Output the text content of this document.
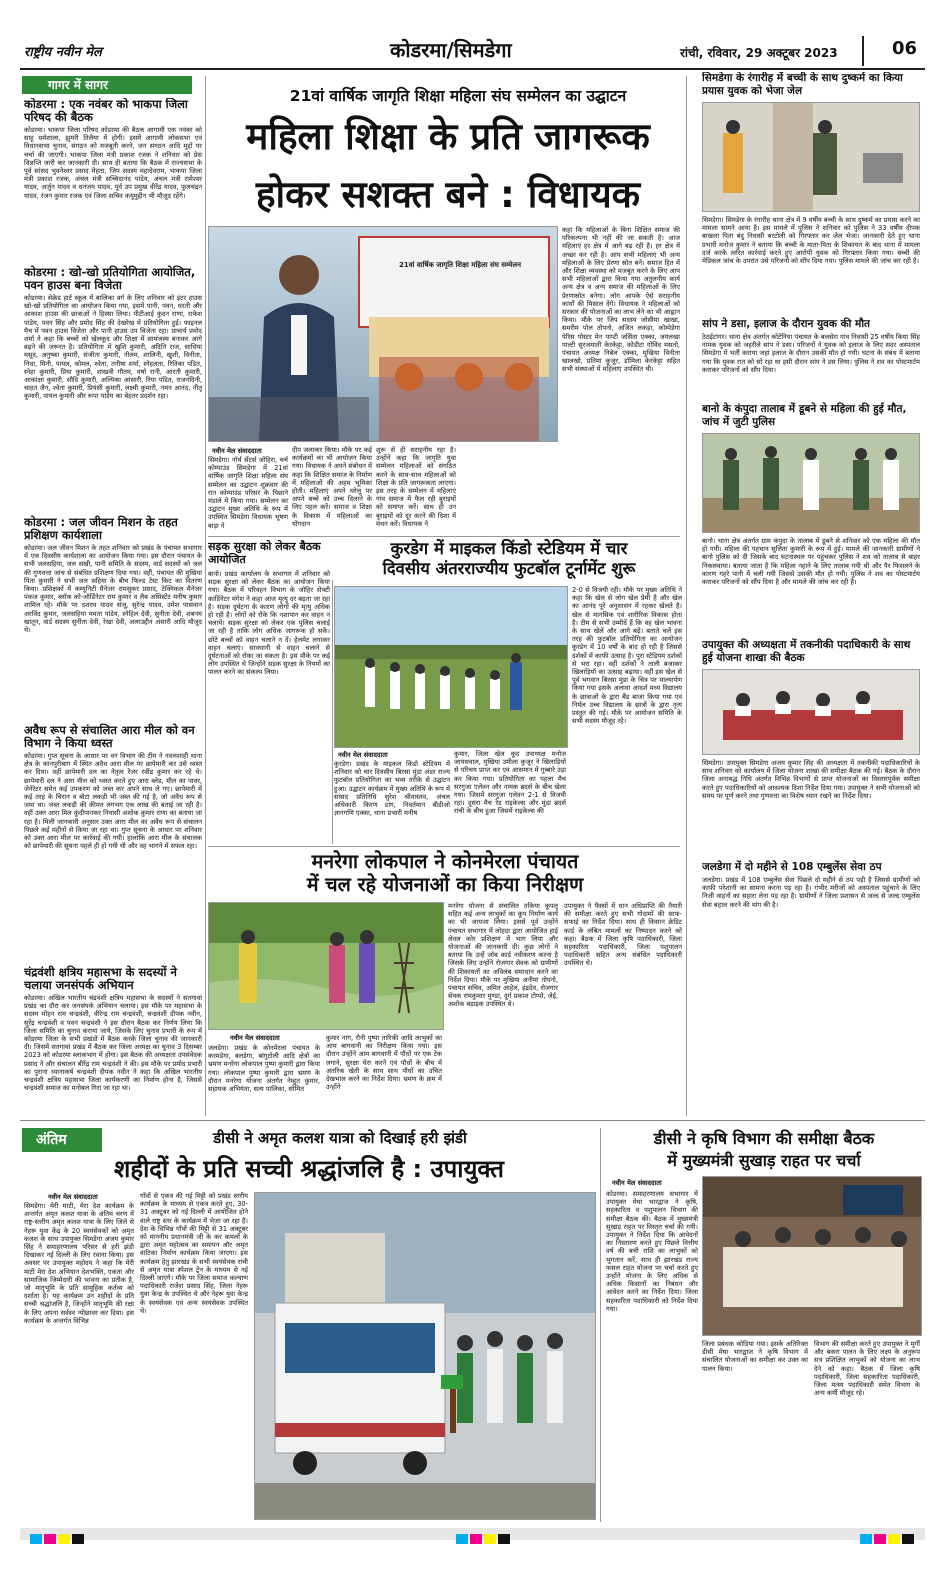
राष्ट्रीय नवीन मेल	कोडरमा/सिमडेगा	रांची, रविवार, 29 अक्टूबर 2023	06
गागर में सागर
कोडरमा : एक नवंबर को भाकपा जिला परिषद की बैठक
कोडरमा। भाकपा जिला परिषद कोडरमा की बैठक आगामी एक नवंबर को साहू धर्मशाला, झुमरी तिलैया में होगी। इसमें आगामी लोकसभा एवं विधानसभा चुनाव, संगठन को मजबूती करने, जन संगठन आदि मुद्दों पर चर्चा की जाएगी। भाकपा जिला मंत्री प्रकाश रजक ने शनिवार को प्रेस विज्ञप्ति जारी कर जानकारी दी। साथ ही बताया कि बैठक में राज्यसभा के पूर्व सांसद भुवनेश्वर प्रसाद मेहता, जिप सदस्य महादेवराम, भाकपा जिला मंत्री प्रकाश रजक, अंचल मंत्री सच्चिदानंद पांडेय, अंचल मंत्री रामेश्वर यादव, अर्जुन यादव व धनंजय यादव, पूर्व उप प्रमुख वीरेंद्र यादव, फुलचंद्रन यादव, रंजन कुमार रजक एवं जिला सचिव कयूमुद्दीन भी मौजूद रहेंगे।
कोडरमा : खो-खो प्रतियोगिता आयोजित, पवन हाउस बना विजेता
कोडरमा। सेक्रेड हार्ट स्कूल में बालिका वर्ग के लिए शनिवार को इंटर हाउस खो-खो प्रतियोगिता का आयोजन किया गया, इसमें पानी, पवन, धरती और आकाश हाउस की छात्राओं ने हिस्सा लिया। पीटीआई कुंदन राणा, राकेश पांडेय, पवन सिंह और प्रमोद सिंह की देखरेख में प्रतियोगिता हुई। फाइनल मैच में पवन हाउस विजेता और पानी हाउस उप विजेता रहा। प्राचार्य प्रमोद शर्मा ने कहा कि बच्चों को खेलकूद और शिक्षा में सामंजस्य बनाकर आगे बढ़ने की जरूरत है। प्रतियोगिता में खुशि कुमारी, अदिति राज, साधिया मसूद, अनुष्का कुमारी, संजीता कुमारी, नीलम, शालिनी, खुशी, विनीता, निधा, मिनी, पायल, कोमल, श्वेता, तनीषा शर्मा, स्नेहलता, रितिका पंडित, स्नेहा कुमारी, प्रिया कुमारी, शाखवी गौतम, वर्षा रानी, आरती कुमारी, आकांक्षा कुमारी, सौदि कुमारी, अल्पिका आंसारी, रिया पंडित, राजनंदिनी, चाहत जैन, श्वेता कुमारी, प्रियंसी कुमारी, लक्ष्मी कुमारी, नमन आनंद, नीतू कुमारी, पायल कुमारी और रूपा पांडेय का बेहतर प्रदर्शन रहा।
कोडरमा : जल जीवन मिशन के तहत प्रशिक्षण कार्यशाला
कोडरमा। जल जीवन मिशन के तहत शनिवार को प्रखंड के पंचायत सभागार में एक दिवसीय कार्यशाला का आयोजन किया गया। इस दौरान पंचायत के सभी जलसहिया, जल सखी, पानी समिति के सदस्य, वार्ड सदस्यों को जल की गुणवत्ता जांच से संबंधित प्रशिक्षण दिया गया। वहीं, पंचायत की मुखिया पिंता कुमारी ने सभी जल सहिया के बीच फिल्ड टेस्ट किट का वितरण किया। प्रशिक्षकों में कम्यूनिटी मैनेजर रामसुकर प्रसाद, टेक्निकल मैनेजर पंकज कुमार, ब्लॉक को-ऑर्डिनेटर राम कुमार व लैब असिस्टेंट मनीष कुमार शामिल रहे। मौके पर दशरथ यादव संजू, सुरेन्द्र यादव, उमेश पासवान अरविंद कुमार, जलसहिया ममता पांडेय, स्नेहिल देवी, सुनीता देवी, शबनम खातून, वार्ड सदस्य सुनीता देवी, रेखा देवी, अलाउद्दीन अंसारी आदि मौजूद थे।
अवैध रूप से संचालित आरा मील को वन विभाग ने किया ध्वस्त
कोडरमा। गुप्त सूचना के आधार पर वन विभाग की टीम ने नवलशाही थाना क्षेत्र के कानपुरीबाग में स्थित अवैध आरा मील पर छापेमारी कर उसे ध्वस्त कर दिया। वहीं छापेमारी दल का नेतृत्व रेंजर रवींद्र कुमार कर रहे थे। छापेमारी दल ने आरा मील को ध्वस्त करते हुए आरा ब्लेड, मील का पावर, जेनेरेटर समेत कई उपकरण को जब्त कर अपने साथ ले गए। छापेमारी में कई तरह के चिरान व बोटा लकड़ी भी जब्त की गई है, जो अवैध रूप से जमा था। जब्त लकड़ी की कीमत लगभग एक लाख की बताई जा रही है। वहीं उक्त आरा मिल कुंदीपानकर निवासी अशोक कुमार राणा का बताया जा रहा है। मिली जानकारी अनुसार उक्त आरा मील का अवैध रूप से संचालन पिछले कई महीनों से किया जा रहा था। गुप्त सूचना के आधार पर शनिवार को उक्त आरा मील पर कार्रवाई की गयी। हालांकि आरा मील के संचालक को छापेमारी की सूचना पहले ही हो गयी थी और वह भागने में सफल रहा।
चंद्रवंशी क्षत्रिय महासभा के सदस्यों ने चलाया जनसंपर्क अभियान
कोडरमा। अखिल भारतीय चंद्रवंशी क्षत्रिय महासभा के सदस्यों ने सतगावां प्रखंड का दौरा कर जनसंपर्क अभियान चलाया। इस मौके पर महासभा के सदस्य मोहन राम चन्द्रवंशी, वीरेन्द्र राम चन्द्रवंशी, चन्द्रवंशी दीपक नवीन, सुरेंद्र चन्द्रवंशी व पवन चन्द्रवंशी ने इस दौरान बैठक कर निर्णय लिया कि जिला समिति का चुनाव कराया जाये, जिसके लिए चुनाव प्रभारी के रूप में कोडरमा जिला के सभी प्रखंडों में बैठक करके जिला चुनाव की जानकारी दी। जिसमें सतगावां प्रखंड में बैठक कर जिला अध्यक्ष का चुनाव 3 दिसम्बर 2023 को कोडरमा ब्लाकभाग में होगा। इस बैठक की अध्यक्षता उपसंवेदक प्रसाद ने और संचालन बीरेंद्र राम चन्द्रवंशी ने की। इस मौके पर प्रमोद प्रभारी का पुराना ध्यानाकर्ष चन्द्रवंशी दीपक नवीन ने कहा कि अखिल भारतीय चन्द्रवंशी क्षत्रिय महासभा जिला कार्यकरणी का निर्माण होना है, जिससे चन्द्रवंशी समाज का मनोबल गिरा जा रहा था।
21वां वार्षिक जागृति शिक्षा महिला संघ सम्मेलन का उद्घाटन
महिला शिक्षा के प्रति जागरूक
होकर सशक्त बने : विधायक
21वां वार्षिक जागृति शिक्षा महिला संघ सम्मेलन
नवीन मेल संवाददाता
सिमडेगा। नॉर्थ सेंटर्स जोहिरा, चर्च कोम्पाउंड सिमडेगा में 21वां वार्षिक जागृति शिक्षा महिला संघ सम्मेलन का उद्घाटन शुक्रवार की रात कोम्पाउंड परिसर के पिछाने मंडाले में किया गया। सम्मेलन का उद्घाटन मुख्य अतिथि के रूप में उपस्थित सिमडेगा विधायक भूषण बाड़ा ने
दीप जलाकर किया। मौके पर कई कार्यक्रमों का भी आयोजन किया गया। विधायक ने अपने संबोधन में कहा कि शिक्षित समाज के निर्माण में महिलाओं की अहम भूमिका होती। महिलाएं अपने घरेलू पर अपने बच्चे को उच्च दिलाने के लिए पहल करें। समाज व शिक्षा के विकास में महिलाओं का योगदान
शुरू से ही सराहनीय रहा है। उन्होंने कहा कि जागृति युवा सम्मेलन महिलाओं को संगठित करने के साथ-साथ महिलाओं को शिक्षा के प्रति जागरूकता लाएगा। इस तरह के सम्मेलन में महिलाएं गांव समाज में फैल रही बुराइयों को समाप्त करें। साथ ही उन बुराइयों को दूर करने की दिशा में मंथन करें। विधायक ने
कहा कि महिलाओं के बिना शिक्षित समाज की परिकल्पना भी नहीं की जा सकती है। आज महिलाएं हर क्षेत्र में आगे बढ़ रही है। हर क्षेत्र में अच्छा कर रही है। आप सभी महिलाएं भी अन्य महिलाओं के लिए प्रेरणा स्रोत बनें। समाज हित में और शिक्षा व्यवस्था को मजबूत करने के लिए आप सभी महिलाओं द्वारा किया गया अतुलनीय कार्य अन्य क्षेत्र व अन्य समाज की महिलाओं के लिए प्रेरणास्रोत बनेगा। लोग आपके ऐसे सराहनीय कार्यों की मिसाल देंगे। विधायक ने महिलाओं को सरकार की योजनाओं का लाभ लेने का भी आह्वान किया। मौके पर जिप सदस्य जोसीमा खाखा, समरीम पोल तोपनो, अजित लकड़ा, कोम्पेडेगा पेरिस पोस्टर मेन पाप्टी जसिंता एक्का, जयलखा पाल्टी सुरजमाती केरकेट्टा, कोडीटा गोविंद मसतो, पंचायत अध्यक्ष निबेल एक्का, मुखिया विनीता खालखो, प्रतिमा कुजूर, डॉमिला केरकेट्टा सहित सभी संस्थाओं में महिलाएं उपस्थित थी।
कुरडेग में माइकल किंडो स्टेडियम में चार
दिवसीय अंतरराज्यीय फुटबॉल टूर्नामेंट शुरू
सड़क सुरक्षा को लेकर बैठक आयोजित
बानो। प्रखंड कार्यालय के सभागार में शनिवार को सड़क सुरक्षा को लेकर बैठक का आयोजन किया गया। बैठक में परिवहन विभाग के जोहिर सेफ्टी कार्डिनेटर मंगेश ने कहा आज मृत्यु दर बढ़ता जा रहा है। सड़क दुर्घटना के कारण लोगों की मृत्यु अधिक हो रही है। लोगों को रोके कि नशापान कर वाहन न चलायें। सड़क सुरक्षा को लेकर एक पुलिस चलाई जा रही है ताकि लोग अधिक जागरूक हो सकें। छोटे बच्चों को वाहन चलाने न दें। हेलमेट लगाकर वाहन चलाएं। सावधानी से वाहन चलाने से दुर्घटनाओं को रोका जा सकता है। इस मौके पर कई लोग उपस्थित थे जिन्होंने सड़क सुरक्षा के नियमों का पालन करने का संकल्प लिया।
नवीन मेल संवाददाता
कुरडेग। प्रखंड के माइकल किंडो स्टेडियम में शनिवार को चार दिवसीय बिरसा मुंडा अंडर राज्य फुटबॉल प्रतियोगिता का भव्य तरीके से उद्घाटन हुआ। उद्घाटन कार्यक्रम में मुख्य अतिथि के रूप में सांसद प्रतिनिधि सुरेश श्रीवास्तव, अंचल अधिकारी किरण डांग, निवर्तमान बीडीओ ज्ञानगणि एक्का, थाना प्रभारी मनीष
कुमार, जिला खेल कूद उपाध्यक्ष मनोज जायसवाल, मुखिया उमीला कुजूर ने खिलाड़ियों से परिचय प्राप्त कर एवं आसमान में गुब्बारे उड़ा कर किया गया। प्रतियोगिता का पहला मैच सरगुजा एलेवन और नायक ब्रदर्स के बीच खेला गया। जिसमें सरगुजा एलेवन 2-1 से विजयी रहा। दूसरा मैच रेड राइकेल्स और मुंडा ब्रदर्स रांची के बीच हुआ जिसमें राइकेल्स की
2-0 से विजयी रही। मौके पर मुख्य अतिथि ने कहा कि खेल से लोग खेल प्रेमी है और खेल का आनंद पूरे अनुशासन में रहकर खेलते है। खेल से मानसिक एवं शारीरिक विकास होता है। टीम से सभी उम्मीदें हैं कि वह खेल भावना के साथ खेलें और आगे बढ़ें। बताते चलें इस तरह की फुटबॉल प्रतियोगिता का आयोजन कुरडेग में 10 वर्षों के बाद हो रही है जिससे दर्शकों में काफी उत्साह है। पुरा स्टेडियम दर्शकों से भरा रहा। वहीं दर्शकों ने ताली बजाकर खिलाड़ियों का उत्साह बढ़ाया। वहीं इस खेल से पूर्व भगवान बिरसा मुंडा के चित्र पर माल्यार्पण किया गया इसके अलावा आदर्श मध्य विद्यालय के छात्राओं के द्वारा बैंड बाजा किया गया एवं निर्मल उच्च विद्यालय के छात्रों के द्वारा नृत्य प्रस्तुत की गई। मौके पर आयोजन समिति के सभी सदस्य मौजूद रहे।
मनरेगा लोकपाल ने कोनमेरला पंचायत
में चल रहे योजनाओं का किया निरीक्षण
नवीन मेल संवाददाता
जलडेगा। प्रखंड के कोनमेरला पंचायत के करमडेगा, बलडेगा, बांगुटोली आदि क्षेत्रों का भ्रमण मनरेगा लोकपाल पुष्पा कुमारी द्वारा किया गया। लोकपाल पुष्पा कुमारी द्वारा भ्रमण के दौरान मनरेगा योजना अंतर्गत नेम्हुत कुमार, सहायक अभियंता, सत्य पालिका, सोमित
कुमार नाग, रौनी पुष्पा तारिकी आदि लाभुकों का आम बागवानी का निरीक्षण किया गया। इस दौरान उन्होंने आम बागवानी में पौधों पर एक टेक लगाने, सुरक्षा घेरा करने एवं पौधों के बीच में अंतरिक खेती के साथ साथ पौधों का उचित देखभाल करने का निर्देश दिया। भ्रमण के क्रम में उन्होंने
मनरेगा योजना से संचालित तकिया कूपलू सहित कई अन्य लाभुकों का कूप निर्माण कार्य का भी जायजा लिया। इससे पूर्व उन्होंने पंचायत सभागार में लोहदा द्वारा आयोजित हाई लेवल कोर प्रशिक्षण में भाग लिया और योजनाओं की जानकारी दी। कुछ लोगों ने बताया कि उन्हें जॉब कार्ड नवीकरण करना है जिसके लिए उन्होंने रोजगार सेवक को ग्रामीणों की शिकायतों का अविलंब समाधान करने का निर्देश दिया। मौके पर मुखिया अनीमा तोपनो, पंचायत सचिव, अमित आहेल, इंद्रदेव, रोजगार सेवक रामकुमार मुण्डा, दुर्ग प्रकाश टोप्पो, जेई, अशोक बड़ाइक उपस्थित थे।
उपायुक्त ने पैक्सों में धान अधिप्राप्ति की तैयारी की समीक्षा करते हुए सभी गोदामों की साफ-सफाई का निर्देश दिया। साथ ही किसान क्रेडिट कार्ड के लंबित मामलों का निष्पादन करने को कहा। बैठक में जिला कृषि पदाधिकारी, जिला सहकारिता पदाधिकारी, जिला पशुपालन पदाधिकारी सहित अन्य संबंधित पदाधिकारी उपस्थित थे।
सिमडेगा के रंगारीह में बच्ची के साथ दुष्कर्म का किया प्रयास युवक को भेजा जेल
सिमडेगा। सिमडेगा के रंगारीह थाना क्षेत्र में 9 वर्षीय बच्ची के साथ दुष्कर्म का प्रयास करने का मामला सामने आया है। इस मामले में पुलिस ने शनिवार को पुलिस ने 33 वर्षीय दीपक बाखला पिता बंदु निवासी बरटोली को गिरफ्तार कर जेल भेजा। जानकारी देते हुए थाना प्रभारी मनोज कुमार ने बताया कि बच्ची के माता-पिता के शिकायत के बाद थाना में मामला दर्ज करके त्वरित कार्रवाई करते हुए आरोपी युवक को गिरफ्तार किया गया। बच्ची की मेडिकल जांच के उपरांत उसे परिजनों को सौंप दिया गया। पुलिस मामले की जांच कर रही है।
सांप ने डसा, इलाज के दौरान युवक की मौत
ठेठईटांगर। थाना क्षेत्र अंतर्गत कोटेनिया पंचायत के बलसेरा गांव निवासी 25 वर्षीय किया सिंह नामक युवक को जहरीले सांप ने डसा। परिजनों ने युवक को इलाज के लिए सदर अस्पताल सिमडेगा में भर्ती कराया जहां इलाज के दौरान उसकी मौत हो गयी। घटना के संबंध में बताया गया कि युवक रात को सो रहा था इसी दौरान सांप ने डस लिया। पुलिस ने शव का पोस्टमार्टम कराकर परिजनों को सौंप दिया।
बानो के कंपुदा तालाब में डूबने से महिला की हुई मौत, जांच में जुटी पुलिस
बानो। थाना क्षेत्र अंतर्गत ग्राम कंपुदा के तालाब में डूबने से शनिवार को एक महिला की मौत हो गयी। महिला की पहचान सुलिता कुमारी के रूप में हुई। मामले की जानकारी ग्रामीणों ने बानो पुलिस को दी जिसके बाद घटनास्थल पर पहुंचकर पुलिस ने शव को तालाब से बाहर निकलवाया। बताया जाता है कि महिला नहाने के लिए तालाब गयी थी और पैर फिसलने के कारण गहरे पानी में चली गयी जिससे उसकी मौत हो गयी। पुलिस ने शव का पोस्टमार्टम कराकर परिजनों को सौंप दिया है और मामले की जांच कर रही है।
उपायुक्त की अध्यक्षता में तकनीकी पदाधिकारी के साथ हुई योजना शाखा की बैठक
सिमडेगा। उपायुक्त सिमडेगा अजय कुमार सिंह की अध्यक्षता में तकनीकी पदाधिकारियों के साथ शनिवार को कार्यालय में जिला योजना शाखा की समीक्षा बैठक की गई। बैठक के दौरान जिला अनाबद्ध निधि अंतर्गत विभिन्न विभागों से प्राप्त योजनाओं का विस्तारपूर्वक समीक्षा करते हुए पदाधिकारियों को आवश्यक दिशा निर्देश दिया गया। उपायुक्त ने सभी योजनाओं को समय पर पूर्ण करने तथा गुणवत्ता का विशेष ध्यान रखने का निर्देश दिया।
जलडेगा में दो महीने से 108 एम्बुलेंस सेवा ठप
जलडेगा। प्रखंड में 108 एम्बुलेंस सेवा पिछले दो महीने से ठप पड़ी है जिससे ग्रामीणों को काफी परेशानी का सामना करना पड़ रहा है। गंभीर मरीजों को अस्पताल पहुंचाने के लिए निजी वाहनों का सहारा लेना पड़ रहा है। ग्रामीणों ने जिला प्रशासन से जल्द से जल्द एम्बुलेंस सेवा बहाल करने की मांग की है।
अंतिम	डीसी ने अमृत कलश यात्रा को दिखाई हरी झंडी
शहीदों के प्रति सच्ची श्रद्धांजलि है : उपायुक्त
नवीन मेल संवाददाता
सिमडेगा। मेरी माटी, मेरा देश कार्यक्रम के अन्तर्गत अमृत कलश यात्रा के अंतिम चरण में राष्ट्र-स्तरीय अमृत कलश यात्रा के लिए जिले से नेहरू युवा केंद्र के 20 स्वयंसेवकों को अमृत कलश के साथ उपायुक्त सिमडेगा अजय कुमार सिंह ने समाहरणालय परिसर से हरी झंडी दिखाकर नई दिल्ली के लिए रवाना किया। इस अवसर पर उपायुक्त महोदय ने कहा कि मेरी माटी मेरा देश अभियान देशभक्ति, एकता और सामाजिक जिम्मेदारी की भावना का प्रतीक है, जो मातृभूमि के प्रति सामूहिक कर्तव्य को दर्शाता है। यह कार्यक्रम उन शहीदों के प्रति सच्ची श्रद्धांजलि है, जिन्होंने मातृभूमि की रक्षा के लिए अपना सर्वस्व न्योछावर कर दिया। इस कार्यक्रम के अन्तर्गत विभिन्न
गाँवों से एकत्र की गई मिट्टी को प्रखंड स्तरीय कार्यक्रम के माध्यम से एकत्र करते हुए, 30-31 अक्टूबर को नई दिल्ली में आयोजित होने वाले राष्ट्र स्तर के कार्यक्रम में भेजा जा रहा है। देश के विभिन्न गाँवों की मिट्टी से 31 अक्टूबर को माननीय प्रधानमंत्री जी के कर कमलों के द्वारा अमृत महोत्सव का समापन और अमृत वाटिका निर्माण कार्यक्रम किया जाएगा। इस कार्यक्रम हेतु झारखंड के सभी स्वयंसेवक रांची से अमृत यात्रा स्पेशल ट्रेन के माध्यम से नई दिल्ली जाएंगे। मौके पर जिला समाज कल्याण पदाधिकारी राजेश प्रसाद सिंह, जिला नेहरू युवा केन्द्र के उपस्थित थे और नेहरू युवा केन्द्र के स्वयंसेवक एवं अन्य स्वयंसेवक उपस्थित थे।
डीसी ने कृषि विभाग की समीक्षा बैठक
में मुख्यमंत्री सुखाड़ राहत पर चर्चा
नवीन मेल संवाददाता
कोडरमा। समाहरणालय सभागार में उपायुक्त मेघा भारद्वाज ने कृषि, सहकारिता व पशुपालन विभाग की समीक्षा बैठक की। बैठक में मुख्यमंत्री सुखाड़ राहत पर विस्तृत चर्चा की गयी। उपायुक्त ने निर्देश दिया कि आवेदनों का निस्तारण करते हुए पिछले वित्तीय वर्ष की बची राशि का लाभुकों को भुगतान करें, साथ ही झारखंड राज्य फसल राहत योजना पर चर्चा करते हुए उन्होंने योजना के लिए अधिक से अधिक किसानों का निबंधन और आवेदन करने का निर्देश दिया। जिला सहकारिता पदाधिकारी को निर्देश दिया गया।
जिला प्रबंधक कोडिया गया। इसके अतिरिक्त डीसी मेघा भारद्वाज ने कृषि विभाग में संचालित योजनाओं का समीक्षा कर उक्त का पालन किया।
विभाग की समीक्षा करते हुए उपायुक्त ने मुर्गी और बकरा पालन के लिए लक्ष्य के अनुरूप सत्र प्रशिक्षित लाभुकों को योजना का लाभ देने को कहा। बैठक में जिला कृषि पदाधिकारी, जिला सहकारिता पदाधिकारी, जिला मत्स्य पदाधिकारी समेत विभाग के अन्य कर्मी मौजूद रहे।
